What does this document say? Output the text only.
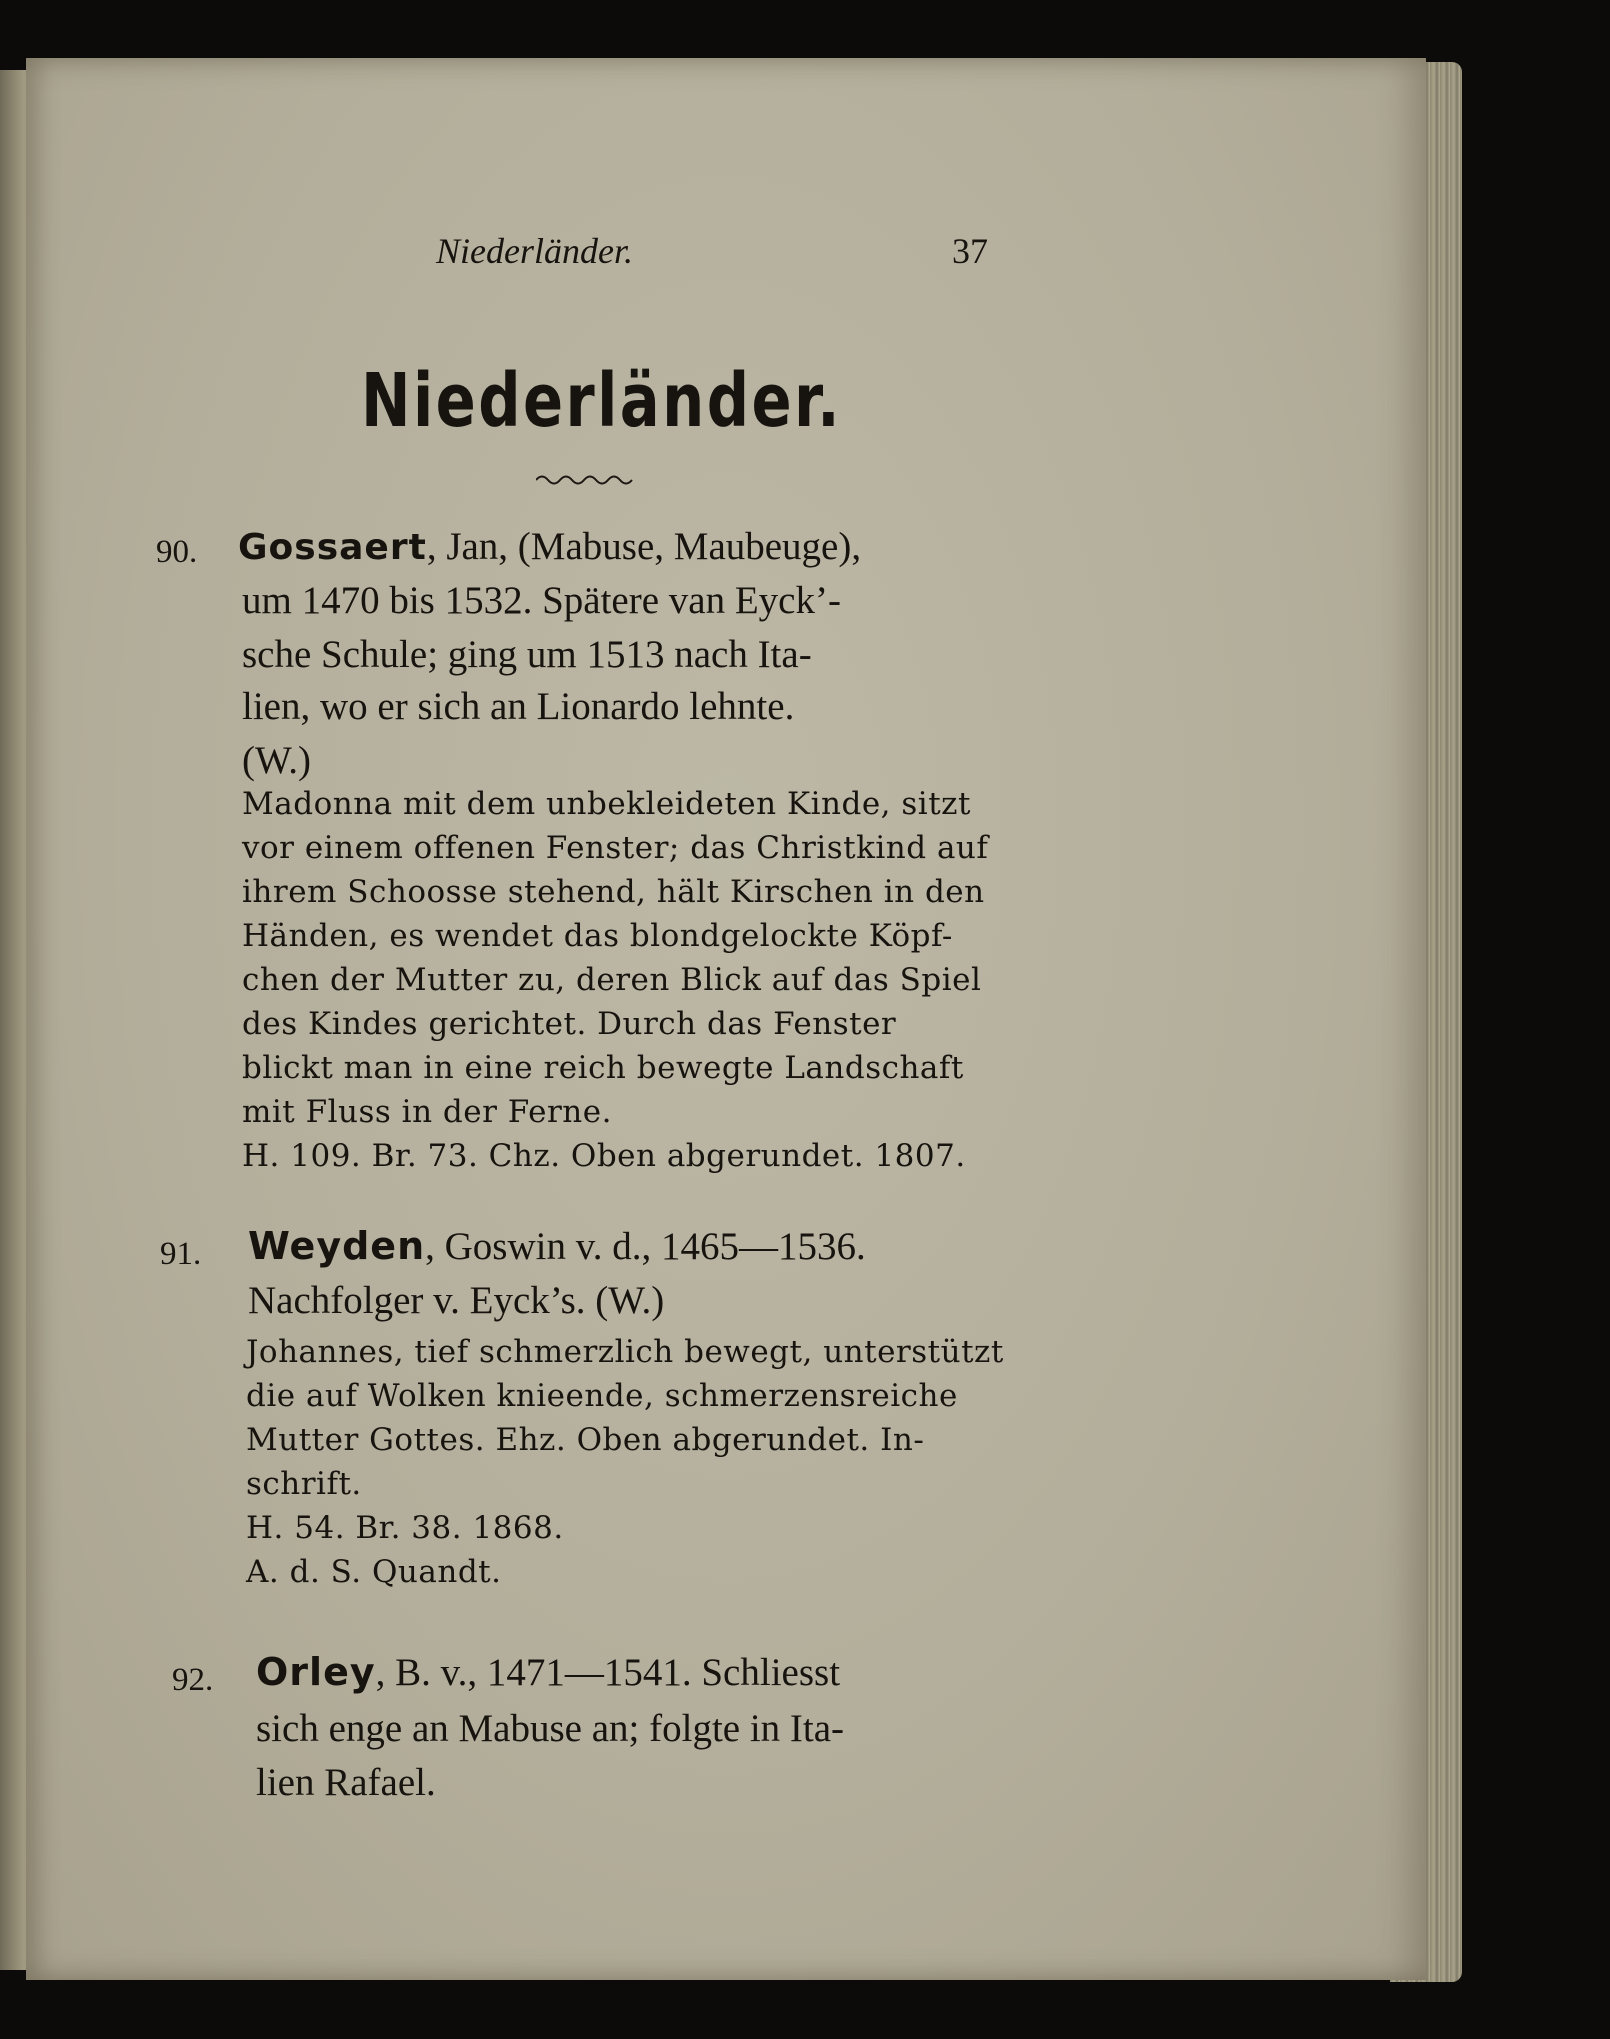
Niederländer.	37
Niederländer.
90. Gossaert, Jan, (Mabuse, Maubeuge),
um 1470 bis 1532. Spätere van Eyck’-
sche Schule; ging um 1513 nach Ita-
lien, wo er sich an Lionardo lehnte.
(W.)
Madonna mit dem unbekleideten Kinde, sitzt
vor einem offenen Fenster; das Christkind auf
ihrem Schoosse stehend, hält Kirschen in den
Händen, es wendet das blondgelockte Köpf-
chen der Mutter zu, deren Blick auf das Spiel
des Kindes gerichtet. Durch das Fenster
blickt man in eine reich bewegte Landschaft
mit Fluss in der Ferne.
H. 109. Br. 73. Chz. Oben abgerundet. 1807.
91. Weyden, Goswin v. d., 1465—1536.
Nachfolger v. Eyck’s. (W.)
Johannes, tief schmerzlich bewegt, unterstützt
die auf Wolken knieende, schmerzensreiche
Mutter Gottes. Ehz. Oben abgerundet. In-
schrift.
H. 54. Br. 38. 1868.
A. d. S. Quandt.
92. Orley, B. v., 1471—1541. Schliesst
sich enge an Mabuse an; folgte in Ita-
lien Rafael.
